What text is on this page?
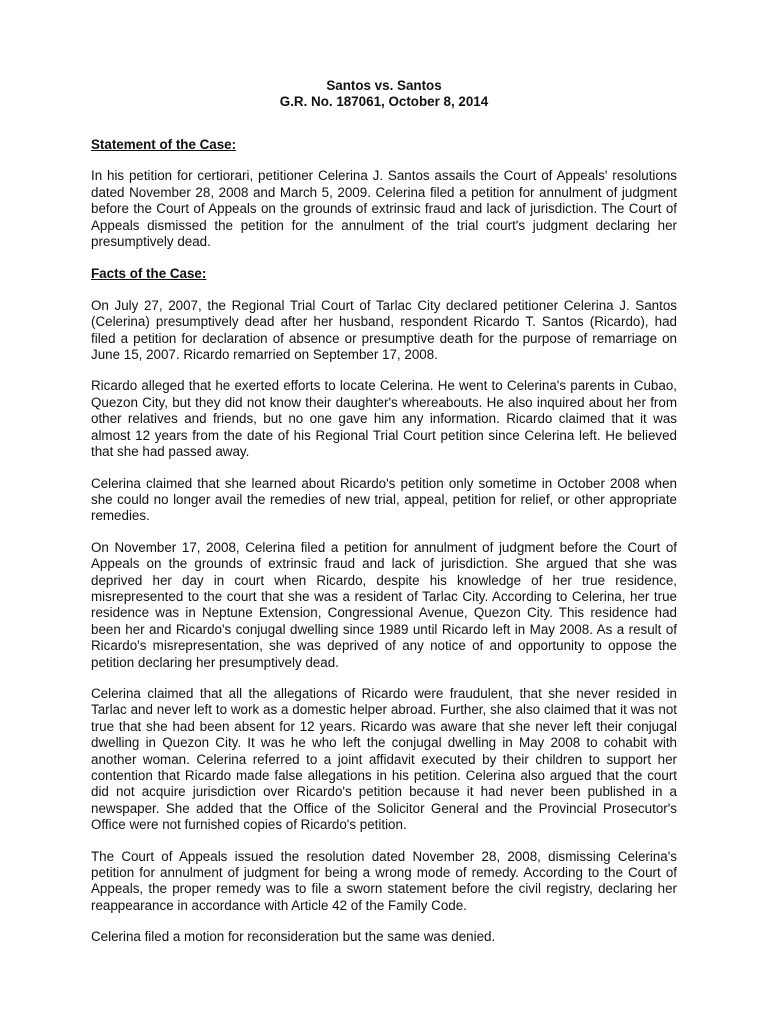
Santos vs. Santos
G.R. No. 187061, October 8, 2014
Statement of the Case:
In his petition for certiorari, petitioner Celerina J. Santos assails the Court of Appeals' resolutions dated November 28, 2008 and March 5, 2009. Celerina filed a petition for annulment of judgment before the Court of Appeals on the grounds of extrinsic fraud and lack of jurisdiction. The Court of Appeals dismissed the petition for the annulment of the trial court's judgment declaring her presumptively dead.
Facts of the Case:
On July 27, 2007, the Regional Trial Court of Tarlac City declared petitioner Celerina J. Santos (Celerina) presumptively dead after her husband, respondent Ricardo T. Santos (Ricardo), had filed a petition for declaration of absence or presumptive death for the purpose of remarriage on June 15, 2007. Ricardo remarried on September 17, 2008.
Ricardo alleged that he exerted efforts to locate Celerina. He went to Celerina's parents in Cubao, Quezon City, but they did not know their daughter's whereabouts. He also inquired about her from other relatives and friends, but no one gave him any information. Ricardo claimed that it was almost 12 years from the date of his Regional Trial Court petition since Celerina left. He believed that she had passed away.
Celerina claimed that she learned about Ricardo's petition only sometime in October 2008 when she could no longer avail the remedies of new trial, appeal, petition for relief, or other appropriate remedies.
On November 17, 2008, Celerina filed a petition for annulment of judgment before the Court of Appeals on the grounds of extrinsic fraud and lack of jurisdiction. She argued that she was deprived her day in court when Ricardo, despite his knowledge of her true residence, misrepresented to the court that she was a resident of Tarlac City. According to Celerina, her true residence was in Neptune Extension, Congressional Avenue, Quezon City. This residence had been her and Ricardo's conjugal dwelling since 1989 until Ricardo left in May 2008. As a result of Ricardo's misrepresentation, she was deprived of any notice of and opportunity to oppose the petition declaring her presumptively dead.
Celerina claimed that all the allegations of Ricardo were fraudulent, that she never resided in Tarlac and never left to work as a domestic helper abroad. Further, she also claimed that it was not true that she had been absent for 12 years. Ricardo was aware that she never left their conjugal dwelling in Quezon City. It was he who left the conjugal dwelling in May 2008 to cohabit with another woman. Celerina referred to a joint affidavit executed by their children to support her contention that Ricardo made false allegations in his petition. Celerina also argued that the court did not acquire jurisdiction over Ricardo's petition because it had never been published in a newspaper. She added that the Office of the Solicitor General and the Provincial Prosecutor's Office were not furnished copies of Ricardo's petition.
The Court of Appeals issued the resolution dated November 28, 2008, dismissing Celerina's petition for annulment of judgment for being a wrong mode of remedy. According to the Court of Appeals, the proper remedy was to file a sworn statement before the civil registry, declaring her reappearance in accordance with Article 42 of the Family Code.
Celerina filed a motion for reconsideration but the same was denied.
